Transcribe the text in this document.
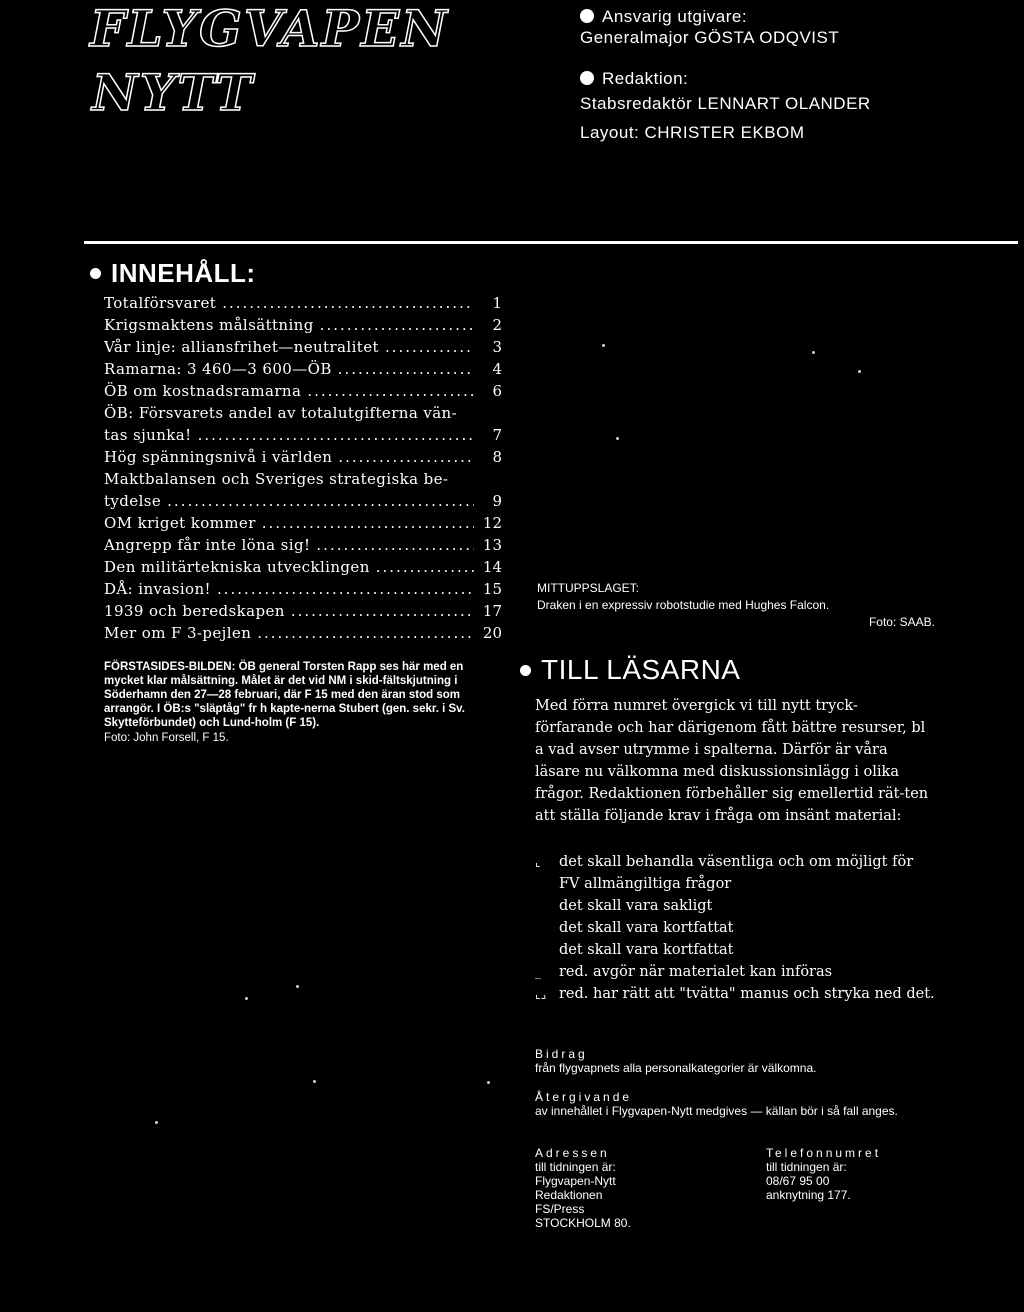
FLYGVAPEN
NYTT
Ansvarig utgivare:
Generalmajor GÖSTA ODQVIST
Redaktion:
Stabsredaktör LENNART OLANDER
Layout: CHRISTER EKBOM
INNEHÅLL:
Totalförsvaret .....	1
Krigsmaktens målsättning .....	2
Vår linje: alliansfrihet—neutralitet .....	3
Ramarna: 3 460—3 600—ÖB .....	4
ÖB om kostnadsramarna .....	6
ÖB: Försvarets andel av totalutgifterna vän-
tas sjunka! .....	7
Hög spänningsnivå i världen .....	8
Maktbalansen och Sveriges strategiska be-
tydelse .....	9
OM kriget kommer .....	12
Angrepp får inte löna sig! .....	13
Den militärtekniska utvecklingen .....	14
DÅ: invasion! .....	15
1939 och beredskapen .....	17
Mer om F 3-pejlen .....	20
FÖRSTASIDES-BILDEN: ÖB general Torsten Rapp ses här med en mycket klar målsättning. Målet är det vid NM i skid-fältskjutning i Söderhamn den 27—28 februari, där F 15 med den äran stod som arrangör. I ÖB:s "släptåg" fr h kapte-nerna Stubert (gen. sekr. i Sv. Skytteförbundet) och Lund-holm (F 15).
Foto: John Forsell, F 15.
MITTUPPSLAGET:
Draken i en expressiv robotstudie med Hughes Falcon.
Foto: SAAB.
TILL LÄSARNA
Med förra numret övergick vi till nytt tryck-förfarande och har därigenom fått bättre resurser, bl a vad avser utrymme i spalterna. Därför är våra läsare nu välkomna med diskussionsinlägg i olika frågor. Redaktionen förbehåller sig emellertid rät-ten att ställa följande krav i fråga om insänt material:
⌞	det skall behandla väsentliga och om möjligt för FV allmängiltiga frågor
det skall vara sakligt
det skall vara kortfattat
det skall vara kortfattat
_	red. avgör när materialet kan införas
⌞⌟ red. har rätt att "tvätta" manus och stryka ned det.
Bidrag
från flygvapnets alla personalkategorier är välkomna.
Återgivande
av innehållet i Flygvapen-Nytt medgives — källan bör i så fall anges.
Adressen
till tidningen är:
Flygvapen-Nytt
Redaktionen
FS/Press
STOCKHOLM 80.
Telefonnumret
till tidningen är:
08/67 95 00
anknytning 177.
